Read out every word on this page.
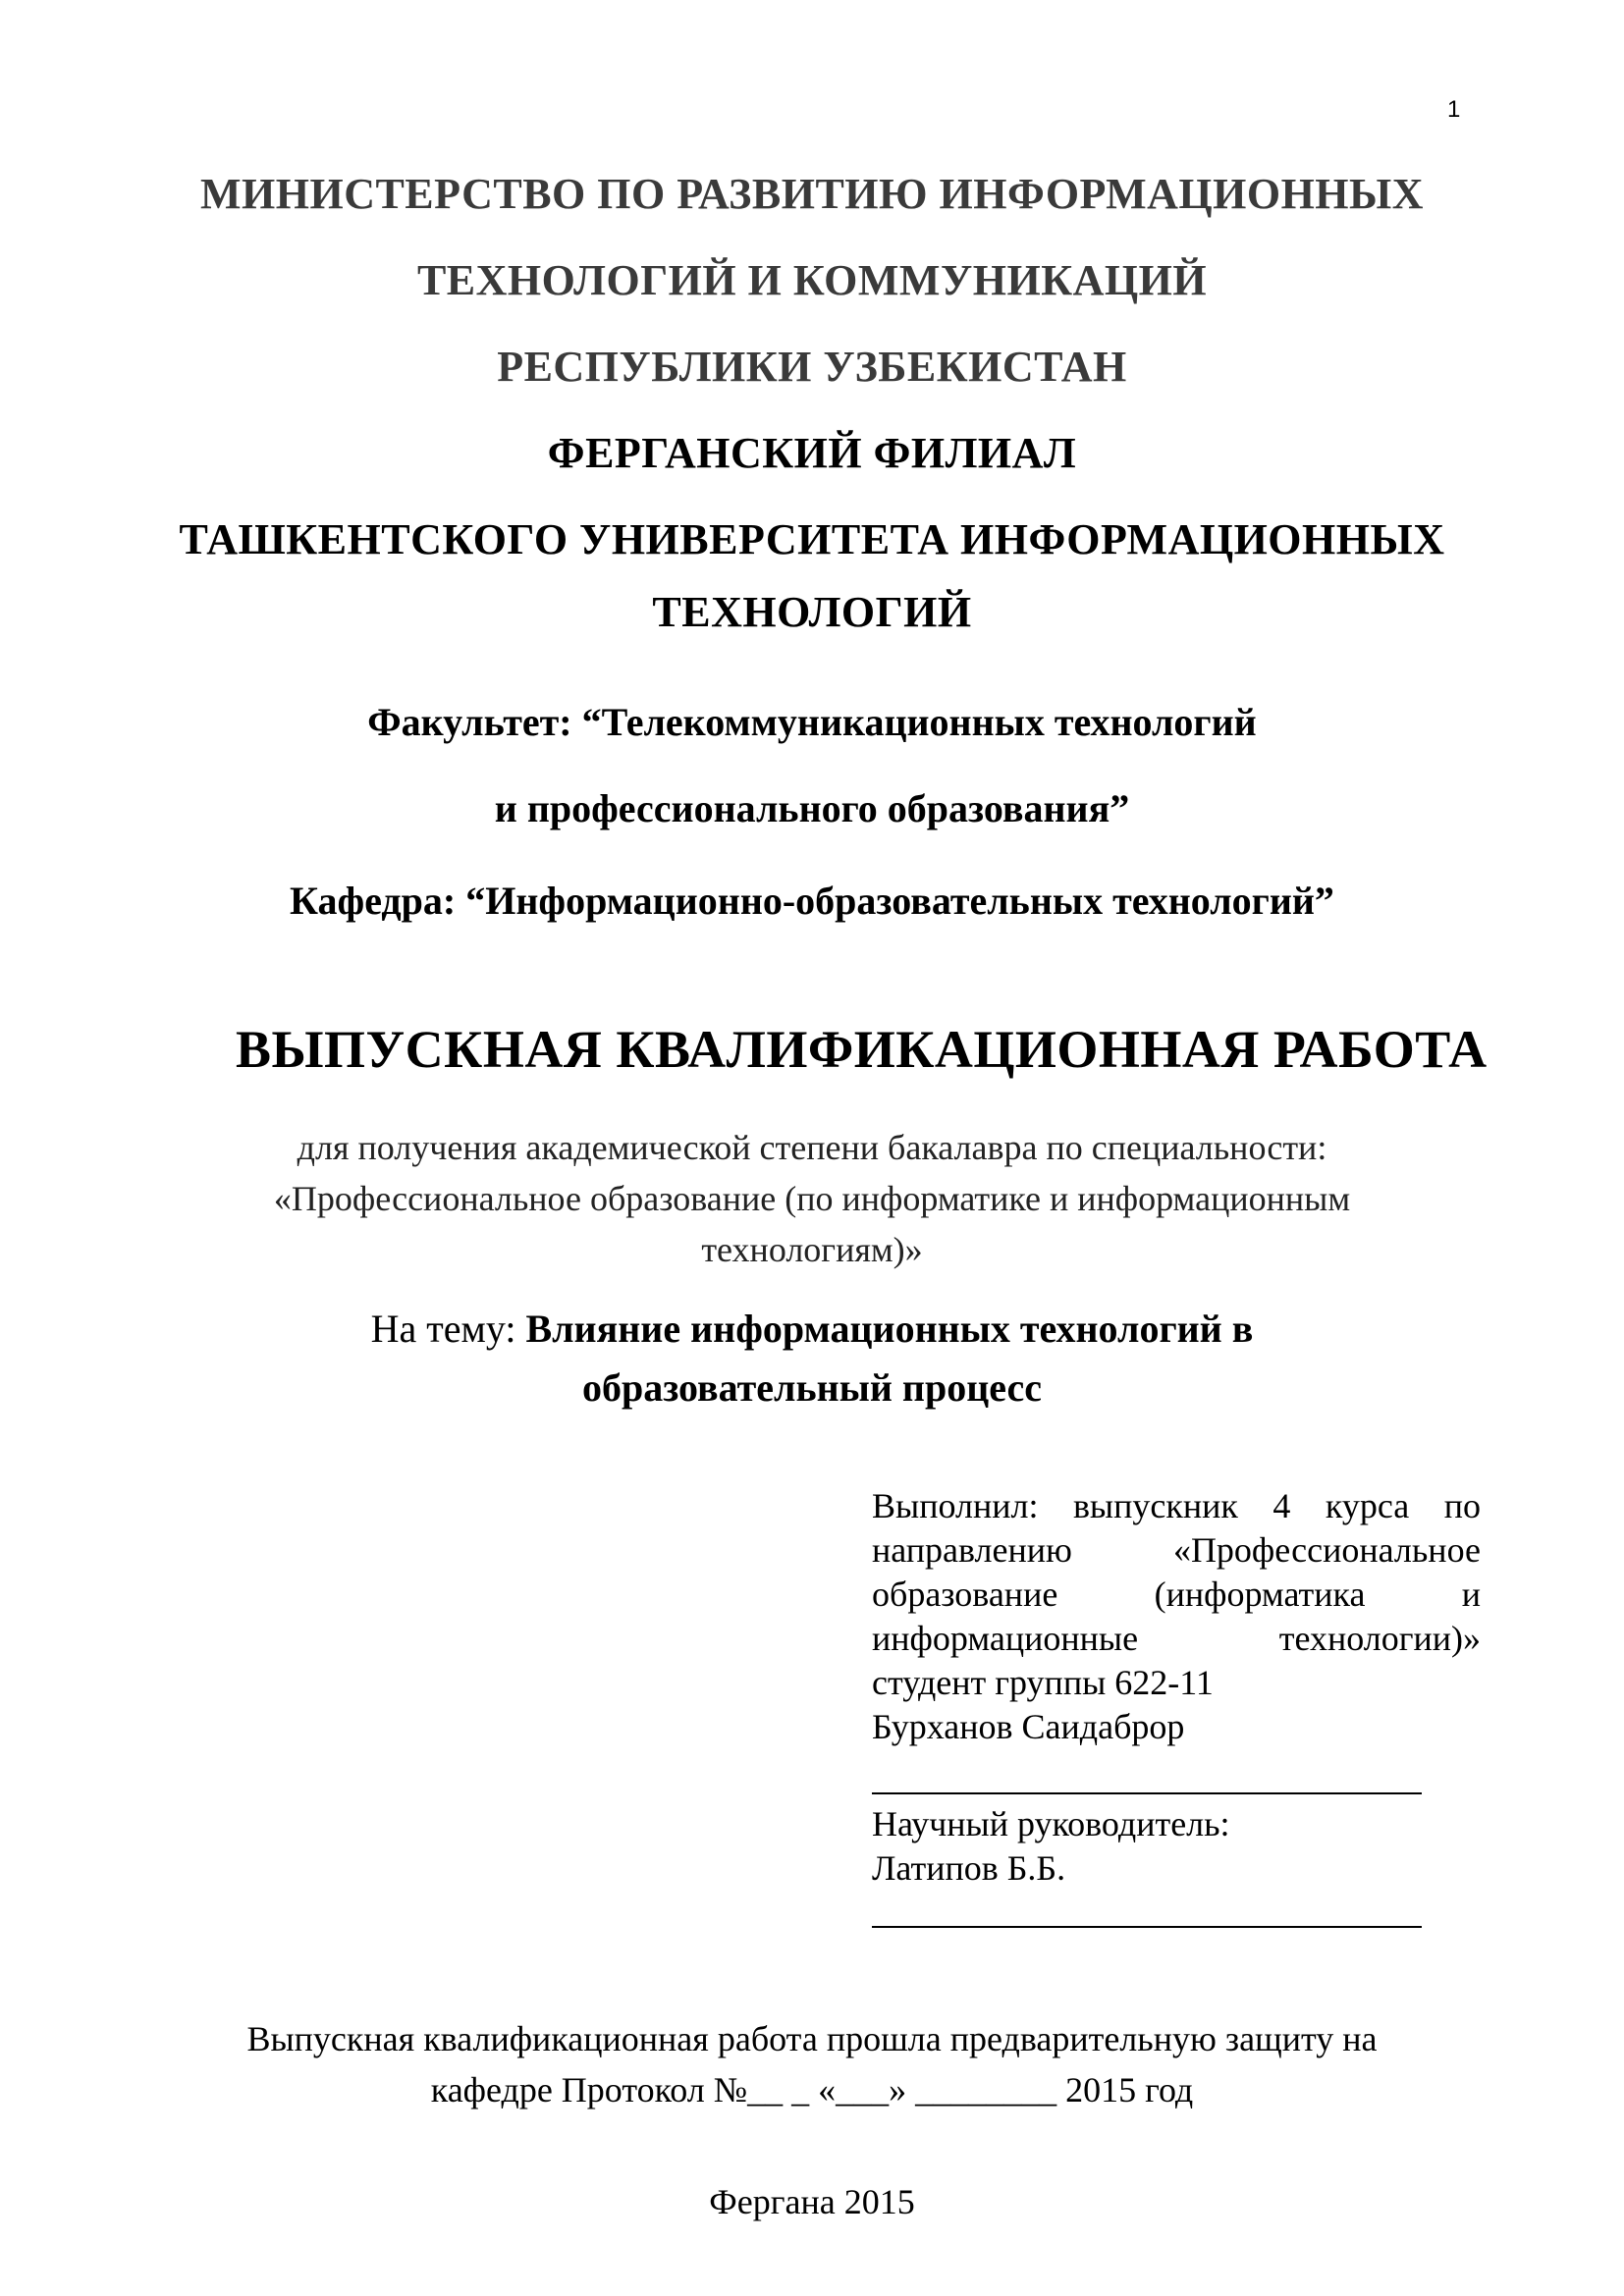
1
МИНИСТЕРСТВО ПО РАЗВИТИЮ ИНФОРМАЦИОННЫХ
ТЕХНОЛОГИЙ И КОММУНИКАЦИЙ
РЕСПУБЛИКИ УЗБЕКИСТАН
ФЕРГАНСКИЙ ФИЛИАЛ
ТАШКЕНТСКОГО УНИВЕРСИТЕТА ИНФОРМАЦИОННЫХ
ТЕХНОЛОГИЙ
Факультет: “Телекоммуникационных технологий
и профессионального образования”
Кафедра: “Информационно-образовательных технологий”
ВЫПУСКНАЯ КВАЛИФИКАЦИОННАЯ РАБОТА
для получения академической степени бакалавра по специальности:
«Профессиональное образование (по информатике и информационным
технологиям)»
На тему: Влияние информационных технологий в
образовательный процесс
Выполнил: выпускник 4 курса по
направлению	«Профессиональное
образование	(информатика	и
информационные	технологии)»
студент группы 622-11
Бурханов Саидаброр
Научный руководитель:
Латипов Б.Б.
Выпускная квалификационная работа прошла предварительную защиту на
кафедре Протокол №__ _ «___» ________ 2015 год
Фергана 2015
